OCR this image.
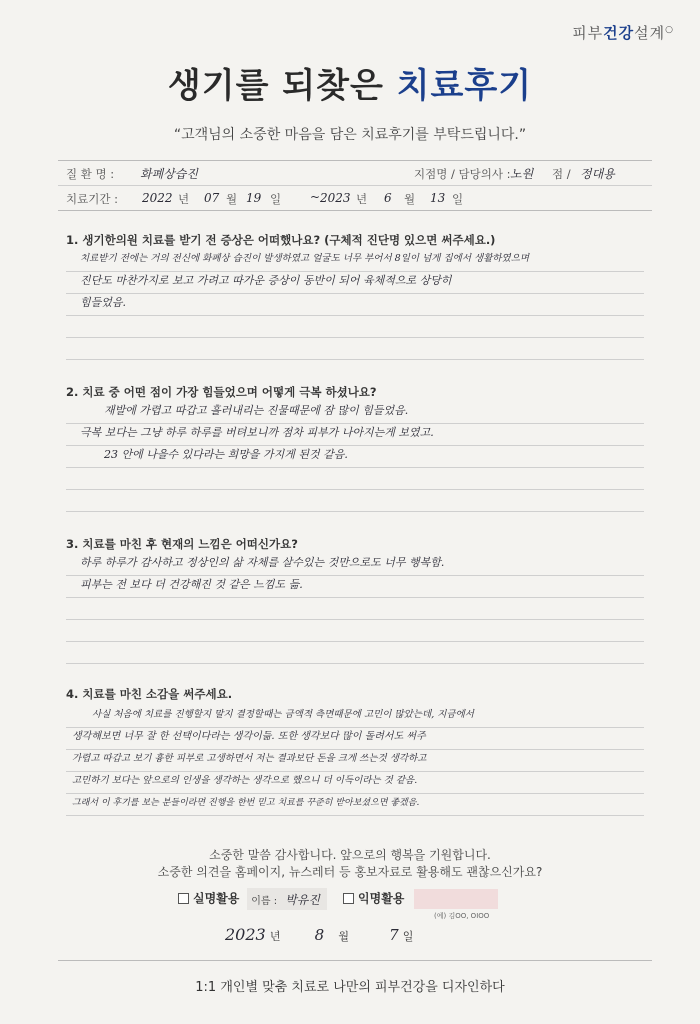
피부건강설계○
생기를 되찾은 치료후기
“고객님의 소중한 마음을 담은 치료후기를 부탁드립니다.”
질 환 명 : 화폐상습진	지점명 / 담당의사 : 노원 점 / 정대용
치료기간 : 2022 년 07 월 19 일 ~ 2023 년 6 월 13 일
1. 생기한의원 치료를 받기 전 증상은 어떠했나요? (구체적 진단명 있으면 써주세요.)
치료받기 전에는 거의 전신에 화폐상 습진이 발생하였고 얼굴도 너무 부어서 8일이 넘게 집에서 생활하였으며
진단도 마찬가지로 보고 가려고 따가운 증상이 동반이 되어 육체적으로 상당히
힘들었음.
2. 치료 중 어떤 점이 가장 힘들었으며 어떻게 극복 하셨나요?
재발에 가렵고 따갑고 흘러내리는 진물때문에 잠 많이 힘들었음.
극복 보다는 그냥 하루 하루를 버텨보니까 점차 피부가 나아지는게 보였고.
23 안에 나을수 있다라는 희망을 가지게 된것 같음.
3. 치료를 마친 후 현재의 느낌은 어떠신가요?
하루 하루가 감사하고 정상인의 삶 자체를 살수있는 것만으로도 너무 행복함.
피부는 전 보다 더 건강해진 것 같은 느낌도 듦.
4. 치료를 마친 소감을 써주세요.
사실 처음에 치료를 진행할지 말지 결정할때는 금액적 측면때문에 고민이 많았는데, 지금에서
생각해보면 너무 잘 한 선택이다라는 생각이듦. 또한 생각보다 많이 돌려서도 써주
가렵고 따갑고 보기 흉한 피부로 고생하면서 저는 결과보단 돈을 크게 쓰는것 생각하고
고민하기 보다는 앞으로의 인생을 생각하는 생각으로 했으니 더 이득이라는 것 같음.
그래서 이 후기를 보는 분들이라면 진행을 한번 믿고 치료를 꾸준히 받아보셨으면 좋겠음.
소중한 말씀 감사합니다. 앞으로의 행복을 기원합니다.
소중한 의견을 홈페이지, 뉴스레터 등 홍보자료로 활용해도 괜찮으신가요?
실명활용 이름 : 박유진	익명활용
(예) 김OO, OIOO
2023 년 8 월	7 일
1:1 개인별 맞춤 치료로 나만의 피부건강을 디자인하다
